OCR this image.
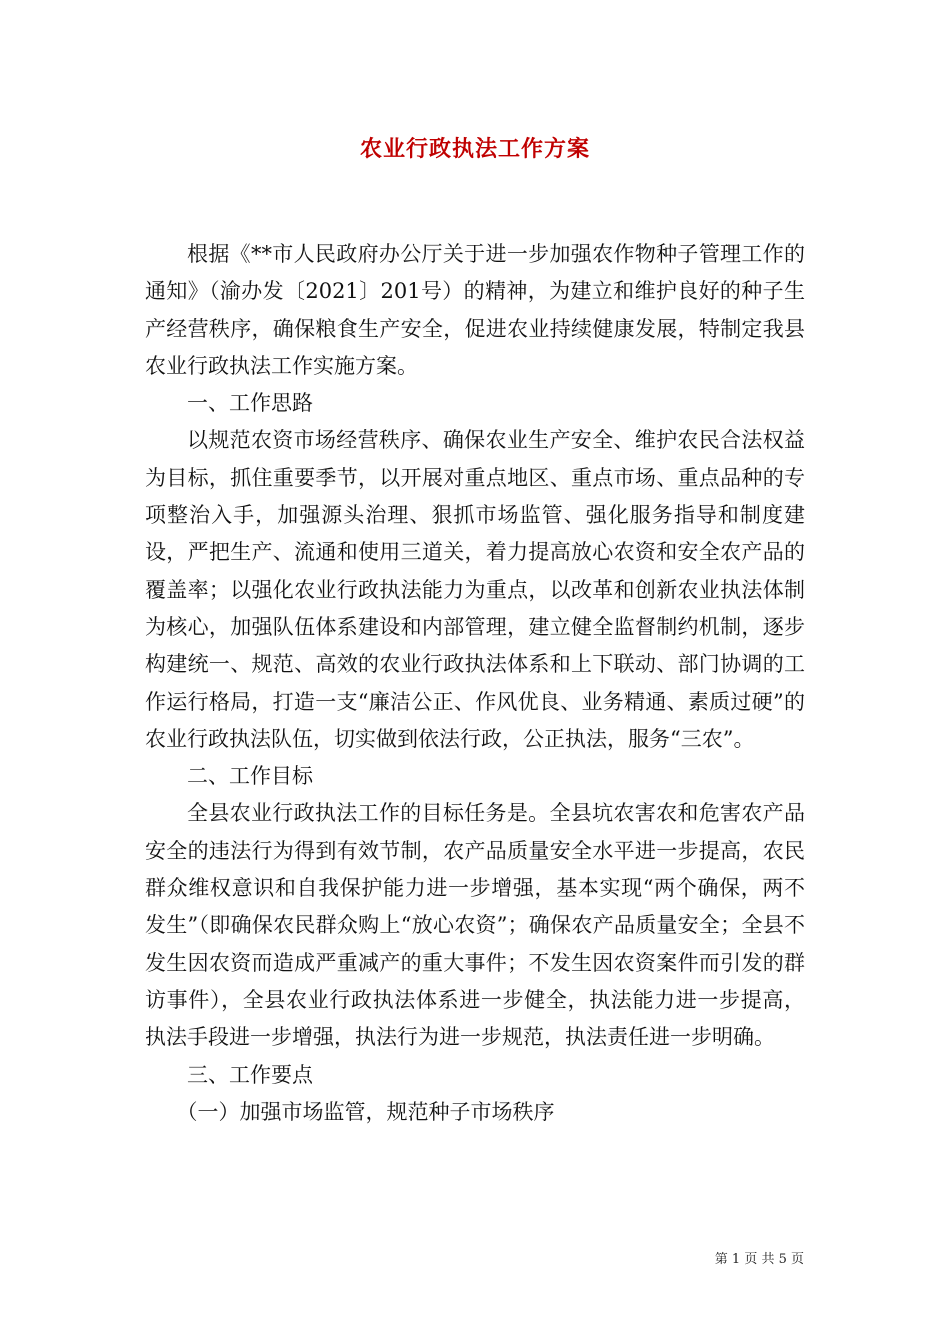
农业行政执法工作方案

根据《**市人民政府办公厅关于进一步加强农作物种子管理工作的通知》（渝办发〔2021〕201号）的精神，为建立和维护良好的种子生产经营秩序，确保粮食生产安全，促进农业持续健康发展，特制定我县农业行政执法工作实施方案。

一、工作思路

以规范农资市场经营秩序、确保农业生产安全、维护农民合法权益为目标，抓住重要季节，以开展对重点地区、重点市场、重点品种的专项整治入手，加强源头治理、狠抓市场监管、强化服务指导和制度建设，严把生产、流通和使用三道关，着力提高放心农资和安全农产品的覆盖率；以强化农业行政执法能力为重点，以改革和创新农业执法体制为核心，加强队伍体系建设和内部管理，建立健全监督制约机制，逐步构建统一、规范、高效的农业行政执法体系和上下联动、部门协调的工作运行格局，打造一支“廉洁公正、作风优良、业务精通、素质过硬”的农业行政执法队伍，切实做到依法行政，公正执法，服务“三农”。

二、工作目标

全县农业行政执法工作的目标任务是。全县坑农害农和危害农产品安全的违法行为得到有效节制，农产品质量安全水平进一步提高，农民群众维权意识和自我保护能力进一步增强，基本实现“两个确保，两不发生”（即确保农民群众购上“放心农资”；确保农产品质量安全；全县不发生因农资而造成严重减产的重大事件；不发生因农资案件而引发的群访事件），全县农业行政执法体系进一步健全，执法能力进一步提高，执法手段进一步增强，执法行为进一步规范，执法责任进一步明确。

三、工作要点

（一）加强市场监管，规范种子市场秩序

第 1 页 共 5 页
